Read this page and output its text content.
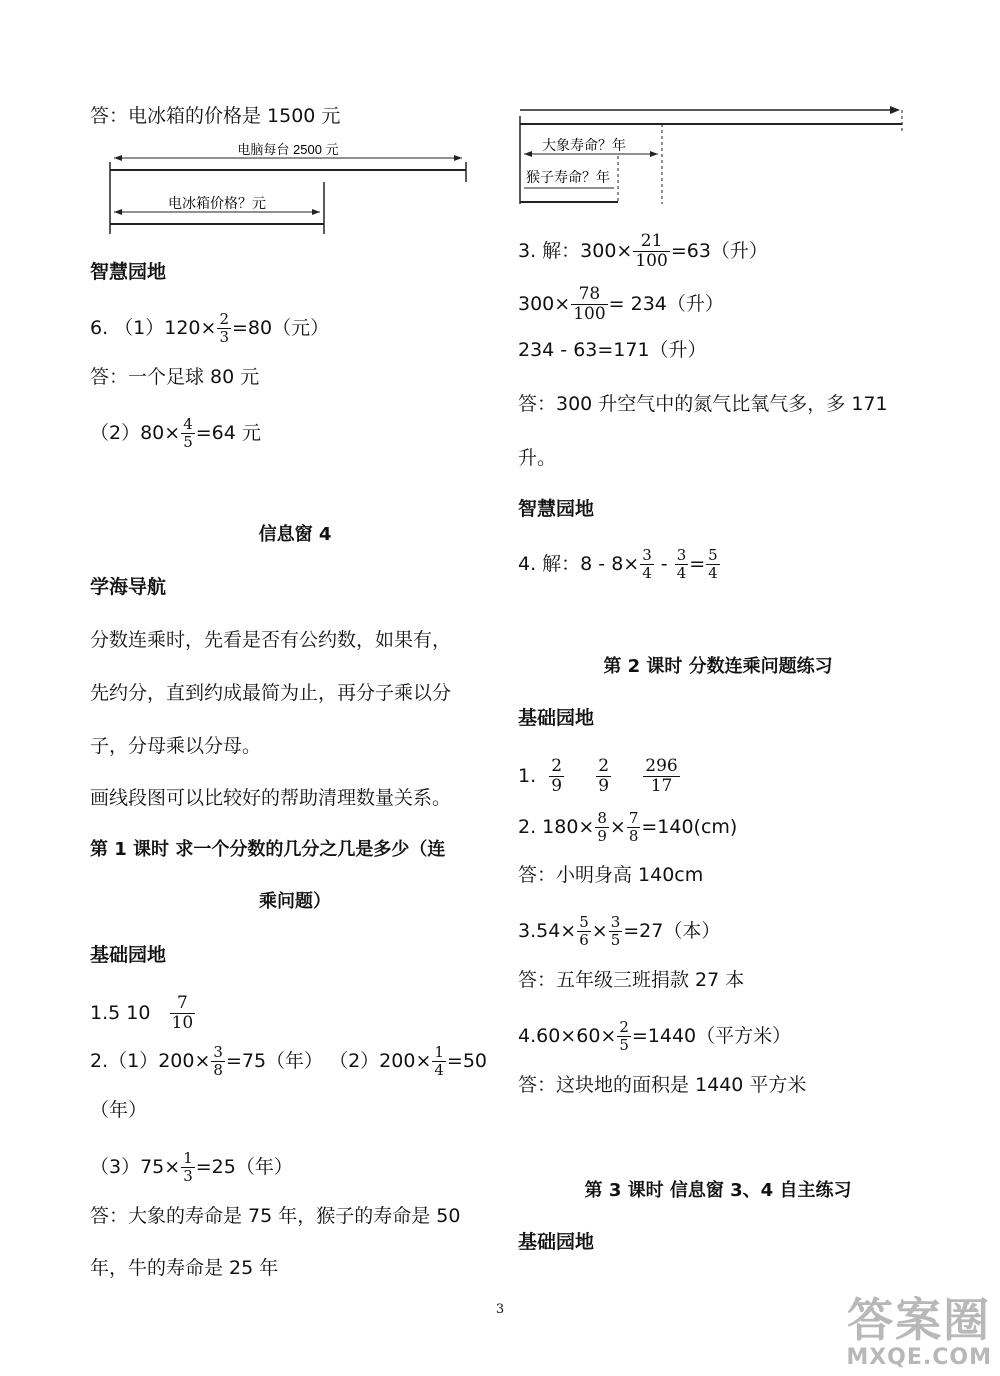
答：电冰箱的价格是 1500 元
电脑每台 2500 元
电冰箱价格？元
智慧园地
6. $(1)120\times \frac{2}{3} =80$（元）
答：一个足球 80 元
$(2)80\times \frac{4}{5} =64$ 元
信息窗 4
学海导航
分数连乘时，先看是否有公约数，如果有，
先约分，直到约成最简为止，再分子乘以分
子，分母乘以分母。
画线段图可以比较好的帮助清理数量关系。
第 1 课时 求一个分数的几分之几是多少（连
乘问题）
基础园地
1.5 $10 \frac{7}{10}$
$2.(1)200\times \frac{3}{8} =75$（年） $(2)200\times \frac{1}{4} =50$
（年）
$(3)75\times \frac{1}{3} =25$（年）
答：大象的寿命是 75 年，猴子的寿命是 50
年，牛的寿命是 25 年
大象寿命？年
猴子寿命？年
3. 解：$300\times \frac{21}{100} =63$（升）
$300\times \frac{78}{100} = 234$（升）
234 - 63=171（升）
答：300 升空气中的氮气比氧气多，多 171
升。
智慧园地
4. 解：$8 - 8\times \frac{3}{4} - \frac{3}{4} = \frac{5}{4}$
第 2 课时 分数连乘问题练习
基础园地
1. $\frac{2}{9}$
$\frac{2}{9}$
$\frac{296}{17}$
2. $180\times \frac{8}{9} \times \frac{7}{8} =140(cm)$
答：小明身高 140cm
$3.54\times \frac{5}{6} \times \frac{3}{5} =27$（本）
答：五年级三班捐款 27 本
$4.60\times 60\times \frac{2}{5} =1440$（平方米）
答：这块地的面积是 1440 平方米
第 3 课时 信息窗 3、4 自主练习
基础园地
3	答案圈
MXQE.COM
